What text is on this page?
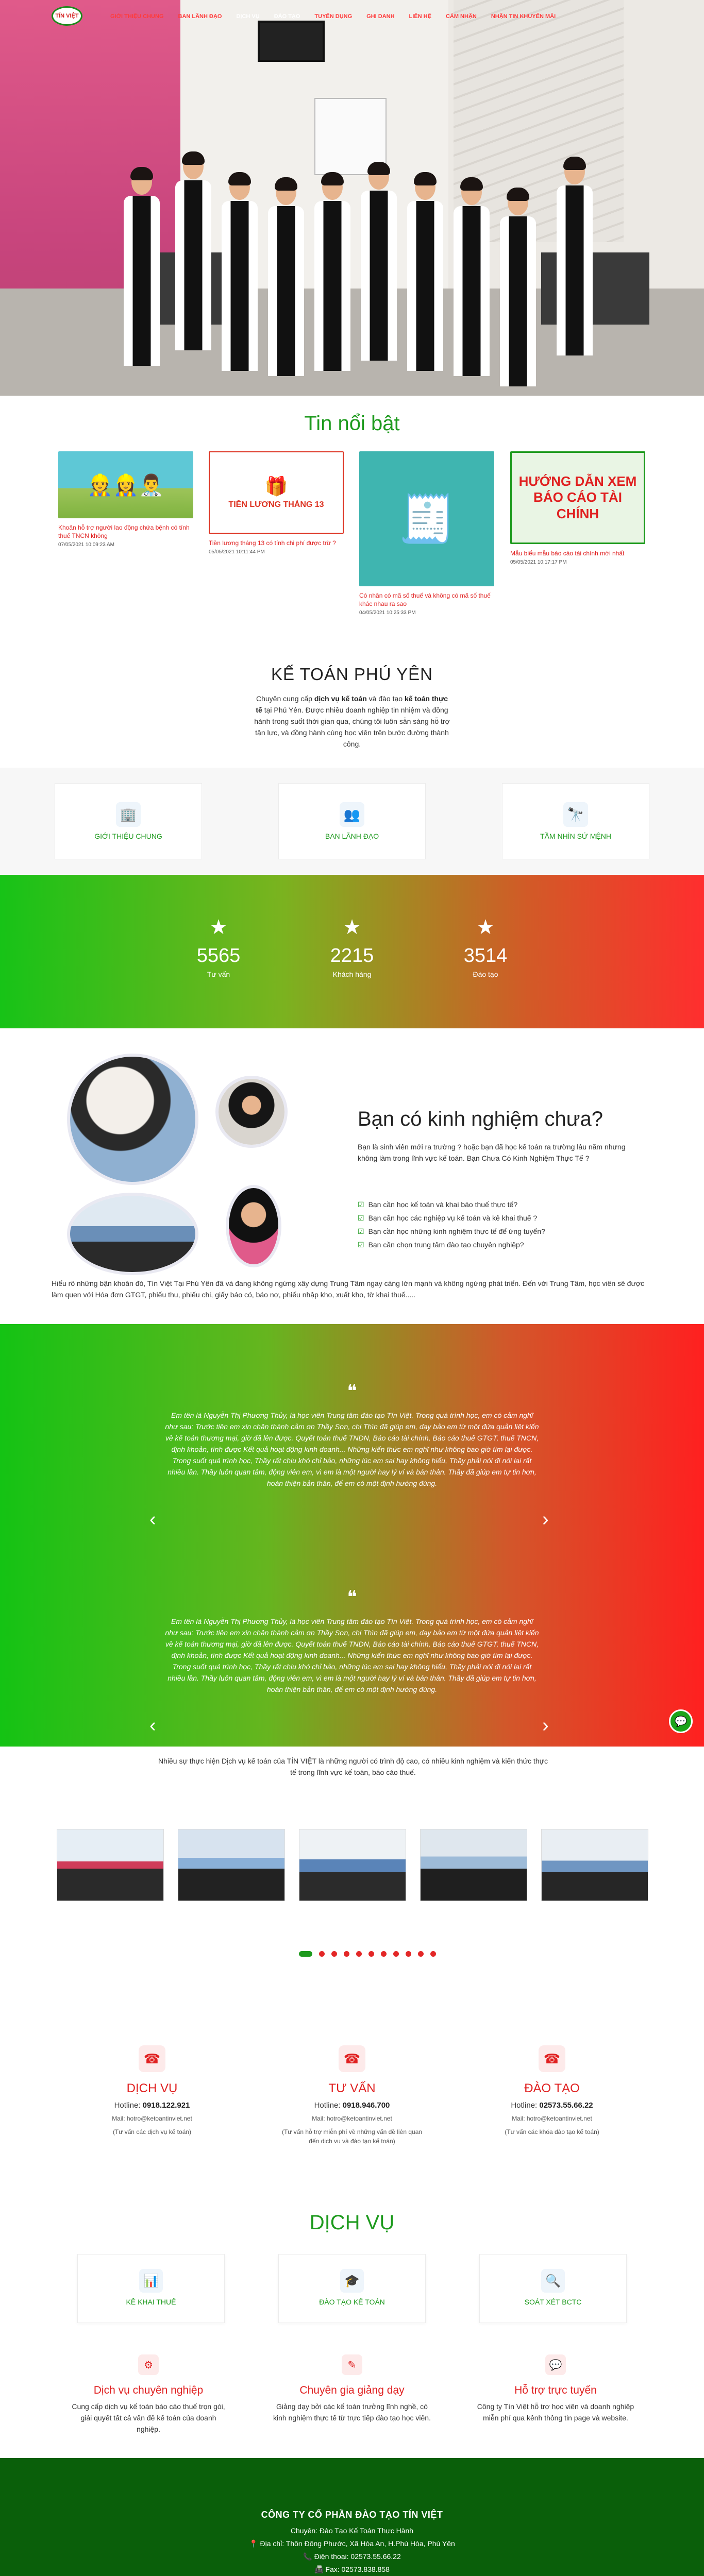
TÍN VIỆT	GIỚI THIỆU CHUNG	BAN LÃNH ĐẠO	DỊCH VỤ	ĐÀO TẠO	TUYỂN DỤNG	GHI DANH	LIÊN HỆ	CẢM NHẬN	NHẬN TIN KHUYẾN MÃI
Tin nổi bật
👷👷‍♀️👨‍⚕️
Khoản hỗ trợ người lao động chứa bệnh có tính thuế TNCN không
07/05/2021 10:09:23 AM
🎁
TIỀN LƯƠNG THÁNG 13
Tiền lương tháng 13 có tính chi phí được trừ ?
05/05/2021 10:11:44 PM
🧾
Có nhân có mã số thuế và không có mã số thuế khác nhau ra sao
04/05/2021 10:25:33 PM
HƯỚNG DẪN XEM BÁO CÁO TÀI CHÍNH
Mẫu biểu mẫu báo cáo tài chính mới nhất
05/05/2021 10:17:17 PM
KẾ TOÁN PHÚ YÊN
Chuyên cung cấp dịch vụ kế toán và đào tạo kế toán thực tế tại Phú Yên. Được nhiều doanh nghiệp tin nhiệm và đồng hành trong suốt thời gian qua, chúng tôi luôn sẵn sàng hỗ trợ tận lực, và đồng hành cùng học viên trên bước đường thành công.
🏢
GIỚI THIỆU CHUNG
👥
BAN LÃNH ĐẠO
🔭
TẦM NHÌN SỨ MỆNH
★
5565
Tư vấn
★
2215
Khách hàng
★
3514
Đào tạo
Bạn có kinh nghiệm chưa?
Bạn là sinh viên mới ra trường ? hoặc bạn đã học kế toán ra trường lâu năm nhưng không làm trong lĩnh vực kế toán. Bạn Chưa Có Kinh Nghiệm Thực Tế ?
☑ Bạn cần học kế toán và khai báo thuế thực tế?
☑ Bạn cần học các nghiệp vụ kế toán và kê khai thuế ?
☑ Bạn cần học những kinh nghiệm thực tế để ứng tuyển?
☑ Bạn cần chọn trung tâm đào tạo chuyên nghiệp?
Hiểu rõ những bận khoăn đó, Tín Việt Tại Phú Yên đã và đang không ngừng xây dựng Trung Tâm ngay càng lớn mạnh và không ngừng phát triển. Đến với Trung Tâm, học viên sẽ được làm quen với Hóa đơn GTGT, phiếu thu, phiếu chi, giấy báo có, báo nợ, phiếu nhập kho, xuất kho, tờ khai thuế.....
❝

Em tên là Nguyễn Thị Phương Thủy, là học viên Trung tâm đào tạo Tín Việt. Trong quá trình học, em có cảm nghĩ như sau: Trước tiên em xin chân thành cảm ơn Thầy Sơn, chị Thìn đã giúp em, dạy bảo em từ một đứa quản liệt kiến về kế toán thương mại, giờ đã lên được. Quyết toán thuế TNDN, Báo cáo tài chính, Báo cáo thuế GTGT, thuế TNCN, định khoản, tính được Kết quả hoạt động kinh doanh... Những kiến thức em nghĩ như không bao giờ tìm lại được. Trong suốt quá trình học, Thầy rất chịu khó chỉ bảo, những lúc em sai hay không hiểu, Thầy phải nói đi nói lại rất nhiều lần. Thầy luôn quan tâm, động viên em, vì em là một người hay lý ví và bản thân. Thầy đã giúp em tự tin hơn, hoàn thiện bản thân, để em có một định hướng đúng.

‹	›
❝

Em tên là Nguyễn Thị Phương Thủy, là học viên Trung tâm đào tạo Tín Việt. Trong quá trình học, em có cảm nghĩ như sau: Trước tiên em xin chân thành cảm ơn Thầy Sơn, chị Thìn đã giúp em, dạy bảo em từ một đứa quản liệt kiến về kế toán thương mại, giờ đã lên được. Quyết toán thuế TNDN, Báo cáo tài chính, Báo cáo thuế GTGT, thuế TNCN, định khoản, tính được Kết quả hoạt động kinh doanh... Những kiến thức em nghĩ như không bao giờ tìm lại được. Trong suốt quá trình học, Thầy rất chịu khó chỉ bảo, những lúc em sai hay không hiểu, Thầy phải nói đi nói lại rất nhiều lần. Thầy luôn quan tâm, động viên em, vì em là một người hay lý ví và bản thân. Thầy đã giúp em tự tin hơn, hoàn thiện bản thân, để em có một định hướng đúng.

‹	›	💬
Nhiều sự thực hiện Dịch vụ kế toán của TÍN VIỆT là những người có trình độ cao, có nhiều kinh nghiệm và kiến thức thực tế trong lĩnh vực kế toán, báo cáo thuế.
☎
DỊCH VỤ
Hotline: 0918.122.921
Mail: hotro@ketoantinviet.net
(Tư vấn các dịch vụ kế toán)
☎
TƯ VẤN
Hotline: 0918.946.700
Mail: hotro@ketoantinviet.net
(Tư vấn hỗ trợ miễn phí về những vấn đề liên quan đến dịch vụ và đào tạo kế toán)
☎
ĐÀO TẠO
Hotline: 02573.55.66.22
Mail: hotro@ketoantinviet.net
(Tư vấn các khóa đào tạo kế toán)
DỊCH VỤ
📊
KÊ KHAI THUẾ
🎓
ĐÀO TẠO KẾ TOÁN
🔍
SOÁT XÉT BCTC
⚙
Dịch vụ chuyên nghiệp

Cung cấp dịch vụ kế toán báo cáo thuế trọn gói, giải quyết tất cả vấn đề kế toán của doanh nghiệp.

✎
Chuyên gia giảng dạy

Giảng dạy bởi các kế toán trưởng lĩnh nghề, có kinh nghiệm thực tế từ trực tiếp đào tạo học viên.

💬
Hỗ trợ trực tuyến

Công ty Tín Việt hỗ trợ học viên và doanh nghiệp miễn phí qua kênh thông tin page và website.

CÔNG TY CỔ PHẦN ĐÀO TẠO TÍN VIỆT
Chuyên: Đào Tạo Kế Toán Thực Hành
📍 Địa chỉ: Thôn Đông Phước, Xã Hòa An, H.Phú Hòa, Phú Yên
📞 Điện thoại: 02573.55.66.22
📠 Fax: 02573.838.858
